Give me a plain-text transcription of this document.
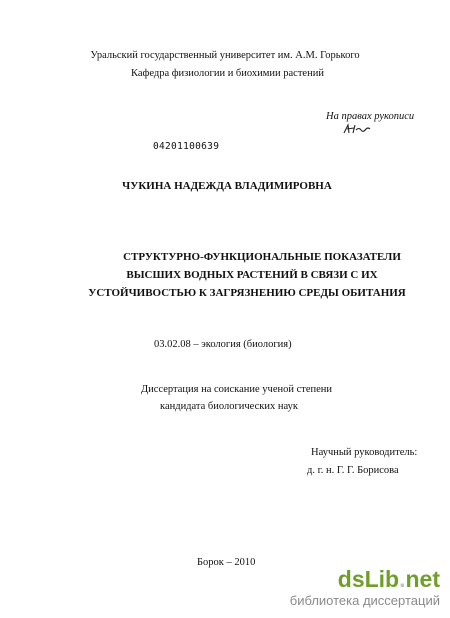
Уральский государственный университет им. А.М. Горького
Кафедра физиологии и биохимии растений
На правах рукописи
04201100639
ЧУКИНА НАДЕЖДА ВЛАДИМИРОВНА
СТРУКТУРНО-ФУНКЦИОНАЛЬНЫЕ ПОКАЗАТЕЛИ
ВЫСШИХ ВОДНЫХ РАСТЕНИЙ В СВЯЗИ С ИХ
УСТОЙЧИВОСТЬЮ К ЗАГРЯЗНЕНИЮ СРЕДЫ ОБИТАНИЯ
03.02.08 – экология (биология)
Диссертация на соискание ученой степени
кандидата биологических наук
Научный руководитель:
д. г. н. Г. Г. Борисова
Борок – 2010
dsLib.net
библиотека диссертаций
